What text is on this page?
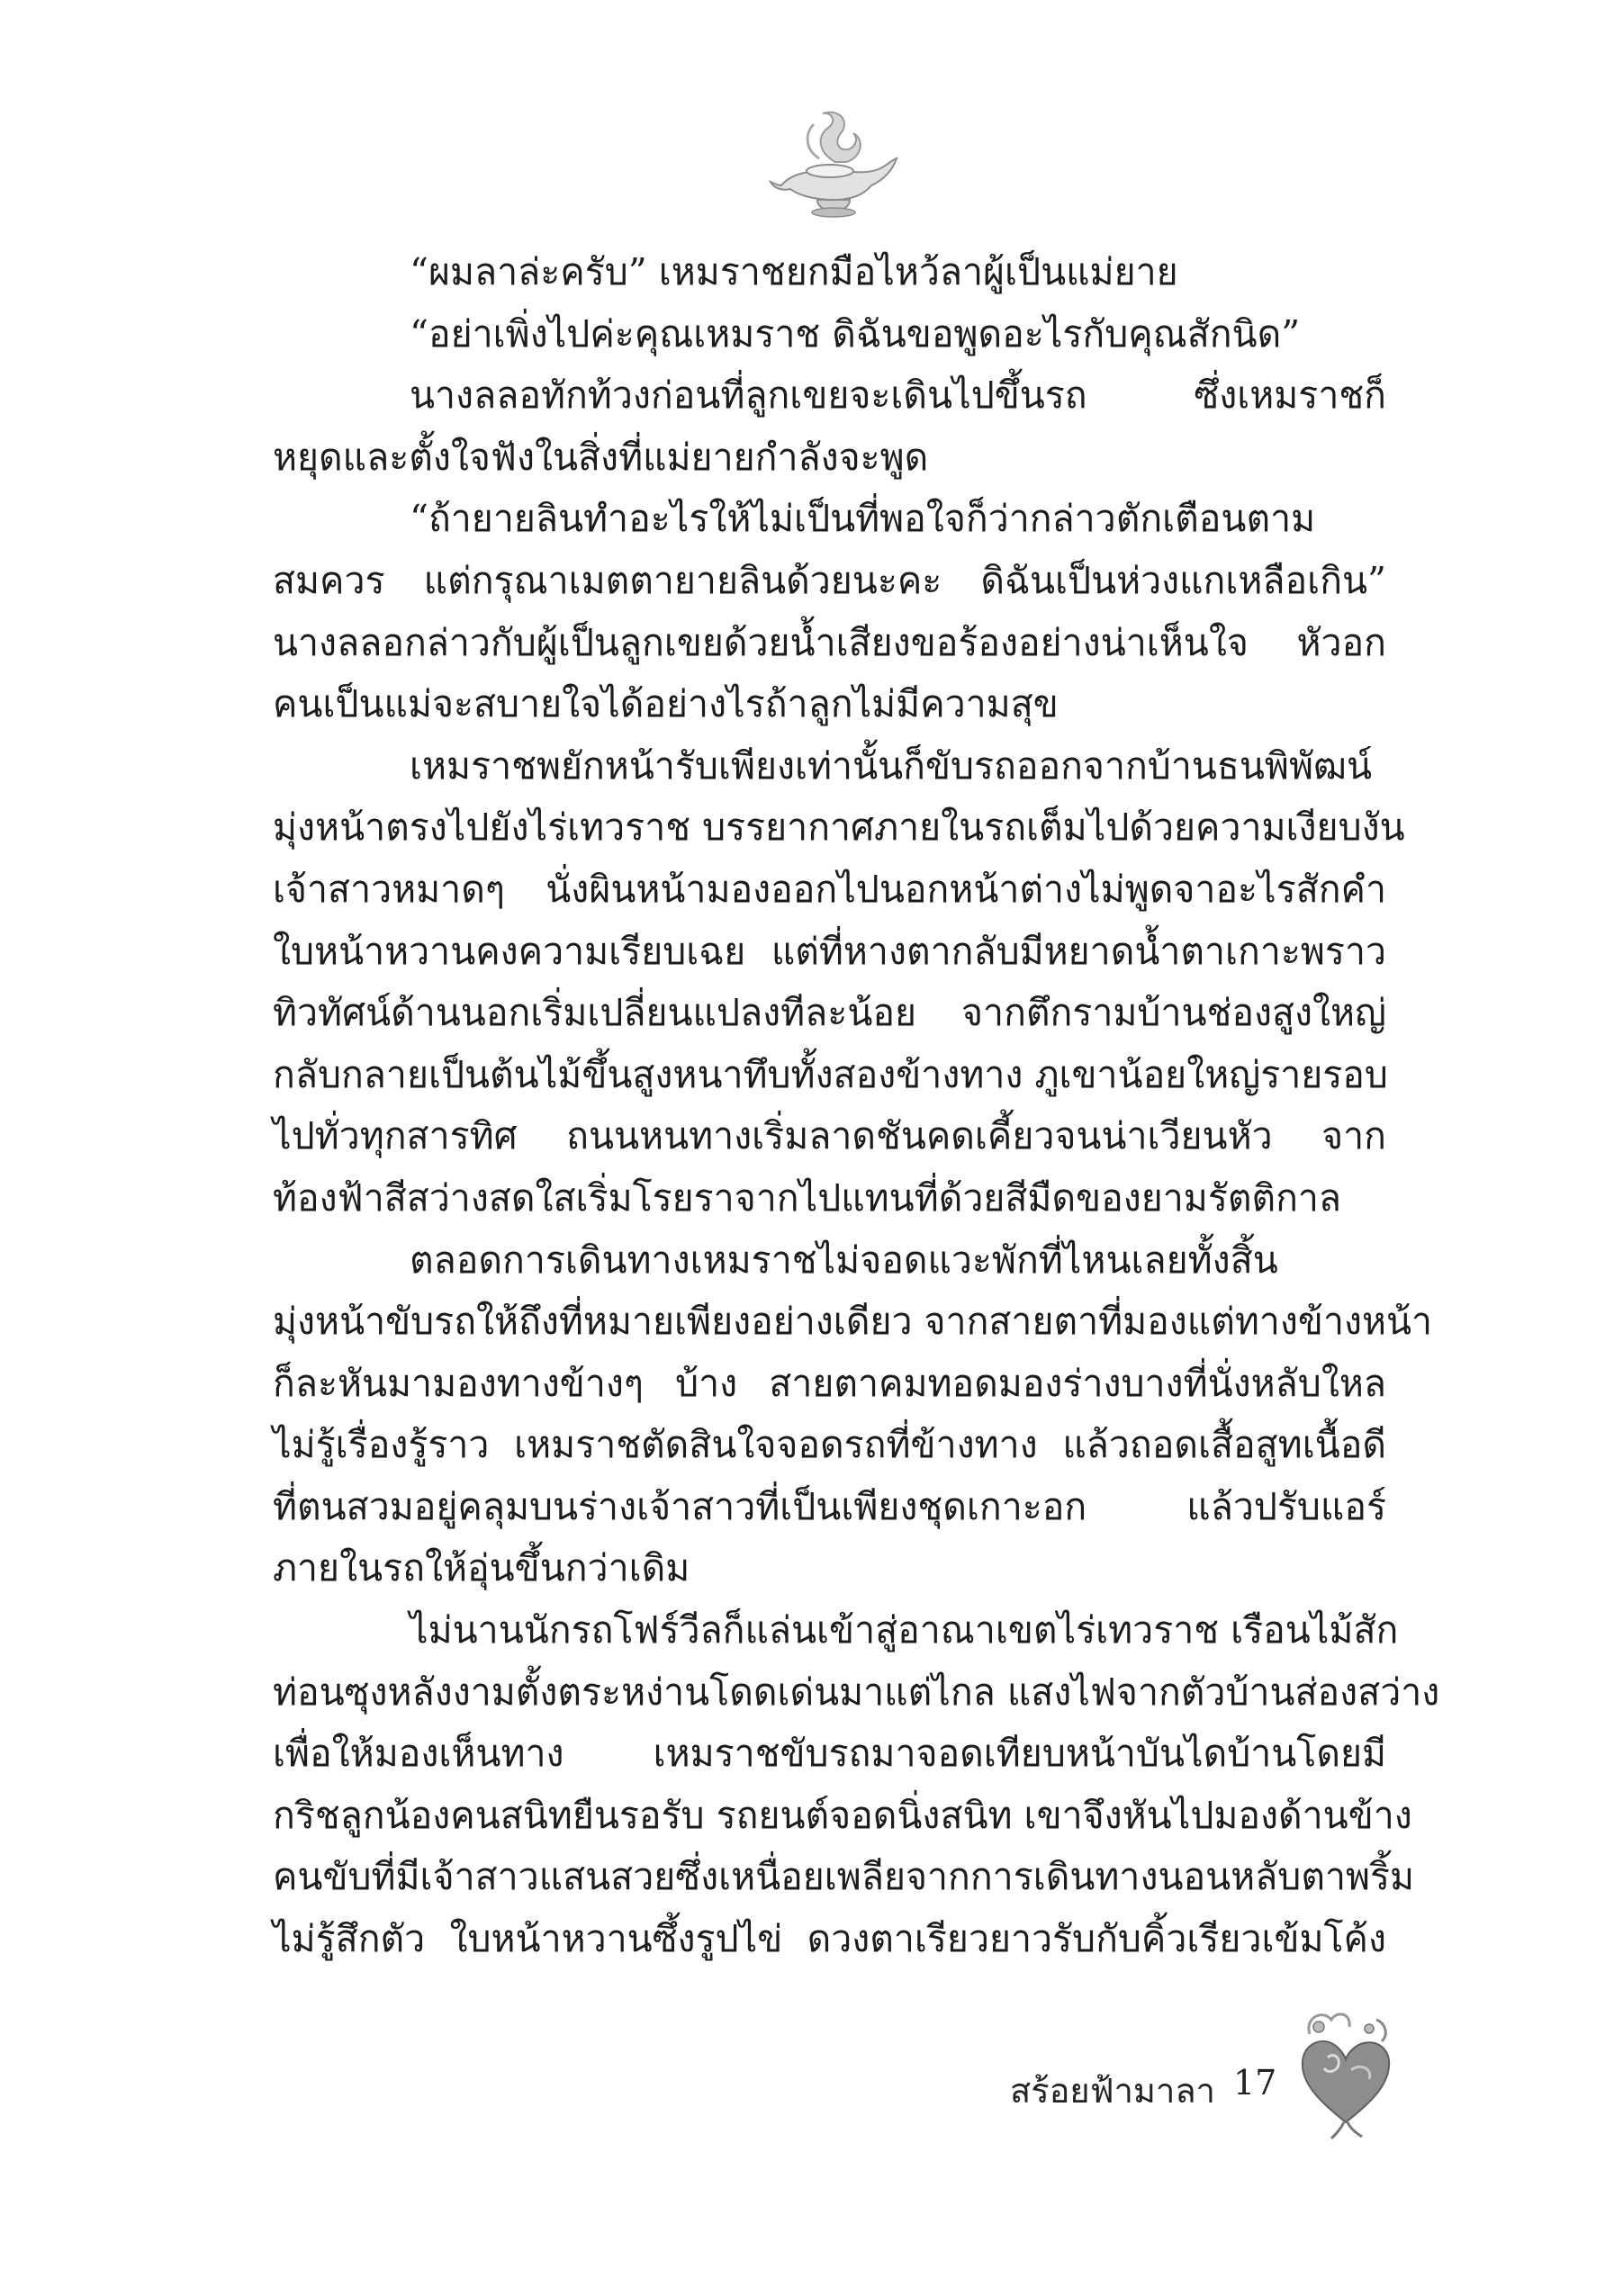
“ผมลาล่ะครับ” เหมราชยกมือไหว้ลาผู้เป็นแม่ยาย
“อย่าเพิ่งไปค่ะคุณเหมราช ดิฉันขอพูดอะไรกับคุณสักนิด”
นางลลอทักท้วงก่อนที่ลูกเขยจะเดินไปขึ้นรถ ซึ่งเหมราชก็
หยุดและตั้งใจฟังในสิ่งที่แม่ยายกำลังจะพูด
“ถ้ายายลินทำอะไรให้ไม่เป็นที่พอใจก็ว่ากล่าวตักเตือนตาม
สมควร แต่กรุณาเมตตายายลินด้วยนะคะ ดิฉันเป็นห่วงแกเหลือเกิน”
นางลลอกล่าวกับผู้เป็นลูกเขยด้วยน้ำเสียงขอร้องอย่างน่าเห็นใจ หัวอก
คนเป็นแม่จะสบายใจได้อย่างไรถ้าลูกไม่มีความสุข
เหมราชพยักหน้ารับเพียงเท่านั้นก็ขับรถออกจากบ้านธนพิพัฒน์
มุ่งหน้าตรงไปยังไร่เทวราช บรรยากาศภายในรถเต็มไปด้วยความเงียบงัน
เจ้าสาวหมาดๆ นั่งผินหน้ามองออกไปนอกหน้าต่างไม่พูดจาอะไรสักคำ
ใบหน้าหวานคงความเรียบเฉย แต่ที่หางตากลับมีหยาดน้ำตาเกาะพราว
ทิวทัศน์ด้านนอกเริ่มเปลี่ยนแปลงทีละน้อย จากตึกรามบ้านช่องสูงใหญ่
กลับกลายเป็นต้นไม้ขึ้นสูงหนาทึบทั้งสองข้างทาง ภูเขาน้อยใหญ่รายรอบ
ไปทั่วทุกสารทิศ ถนนหนทางเริ่มลาดชันคดเคี้ยวจนน่าเวียนหัว จาก
ท้องฟ้าสีสว่างสดใสเริ่มโรยราจากไปแทนที่ด้วยสีมืดของยามรัตติกาล
ตลอดการเดินทางเหมราชไม่จอดแวะพักที่ไหนเลยทั้งสิ้น
มุ่งหน้าขับรถให้ถึงที่หมายเพียงอย่างเดียว จากสายตาที่มองแต่ทางข้างหน้า
ก็ละหันมามองทางข้างๆ บ้าง สายตาคมทอดมองร่างบางที่นั่งหลับใหล
ไม่รู้เรื่องรู้ราว เหมราชตัดสินใจจอดรถที่ข้างทาง แล้วถอดเสื้อสูทเนื้อดี
ที่ตนสวมอยู่คลุมบนร่างเจ้าสาวที่เป็นเพียงชุดเกาะอก แล้วปรับแอร์
ภายในรถให้อุ่นขึ้นกว่าเดิม
ไม่นานนักรถโฟร์วีลก็แล่นเข้าสู่อาณาเขตไร่เทวราช เรือนไม้สัก
ท่อนซุงหลังงามตั้งตระหง่านโดดเด่นมาแต่ไกล แสงไฟจากตัวบ้านส่องสว่าง
เพื่อให้มองเห็นทาง เหมราชขับรถมาจอดเทียบหน้าบันไดบ้านโดยมี
กริชลูกน้องคนสนิทยืนรอรับ รถยนต์จอดนิ่งสนิท เขาจึงหันไปมองด้านข้าง
คนขับที่มีเจ้าสาวแสนสวยซึ่งเหนื่อยเพลียจากการเดินทางนอนหลับตาพริ้ม
ไม่รู้สึกตัว ใบหน้าหวานซึ้งรูปไข่ ดวงตาเรียวยาวรับกับคิ้วเรียวเข้มโค้ง
สร้อยฟ้ามาลา 17
